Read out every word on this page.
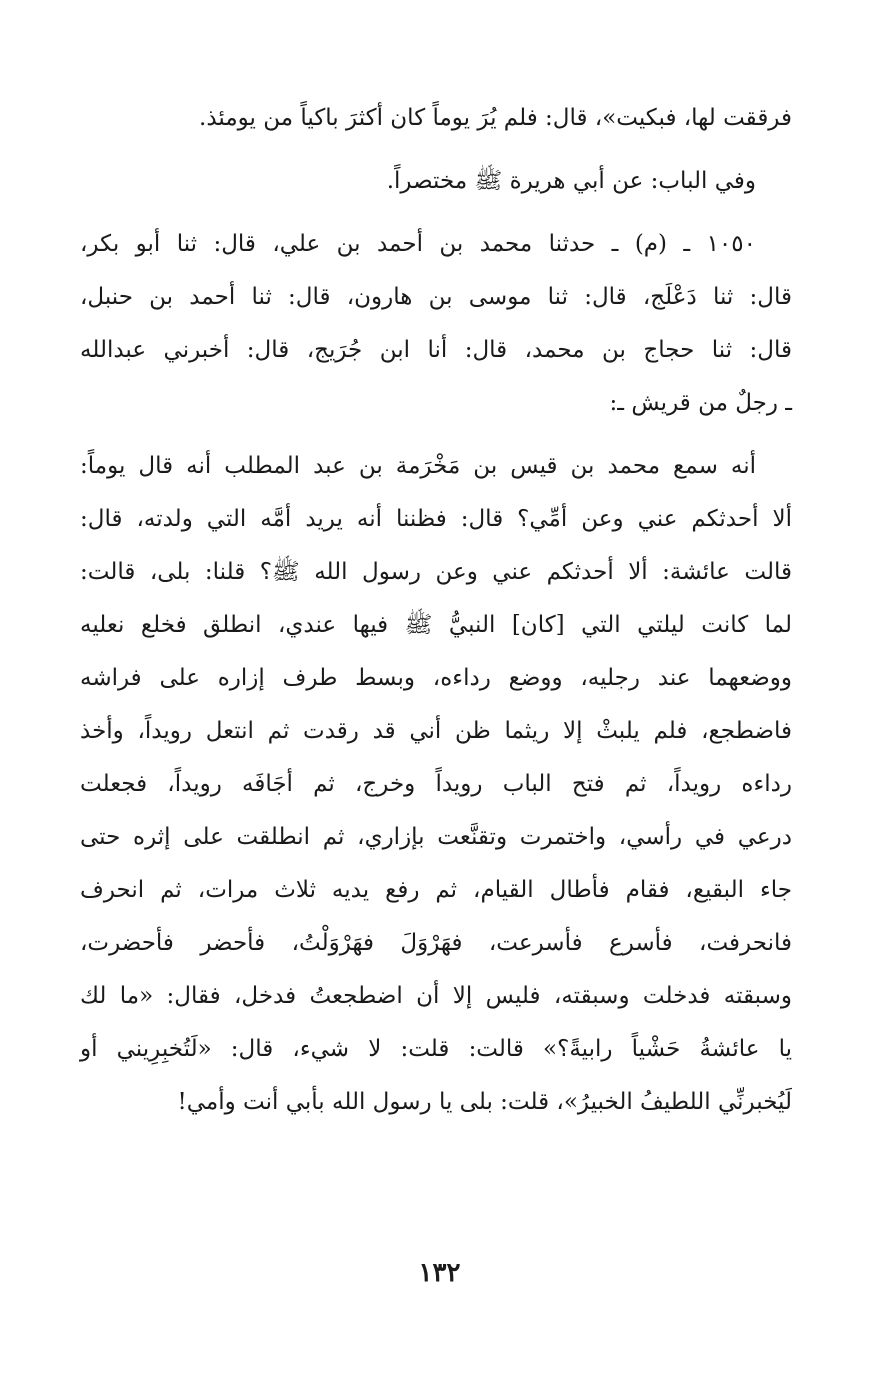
فرققت لها، فبكيت»، قال: فلم يُرَ يوماً كان أكثرَ باكياً من يومئذ.
وفي الباب: عن أبي هريرة ﷺ مختصراً.
١٠٥٠ ـ (م) ـ حدثنا محمد بن أحمد بن علي، قال: ثنا أبو بكر،
قال: ثنا دَعْلَج، قال: ثنا موسى بن هارون، قال: ثنا أحمد بن حنبل،
قال: ثنا حجاج بن محمد، قال: أنا ابن جُرَيج، قال: أخبرني عبدالله
ـ رجلٌ من قريش ـ:
أنه سمع محمد بن قيس بن مَخْرَمة بن عبد المطلب أنه قال يوماً:
ألا أحدثكم عني وعن أمِّي؟ قال: فظننا أنه يريد أمَّه التي ولدته، قال:
قالت عائشة: ألا أحدثكم عني وعن رسول الله ﷺ؟ قلنا: بلى، قالت:
لما كانت ليلتي التي [كان] النبيُّ ﷺ فيها عندي، انطلق فخلع نعليه
ووضعهما عند رجليه، ووضع رداءه، وبسط طرف إزاره على فراشه
فاضطجع، فلم يلبثْ إلا ريثما ظن أني قد رقدت ثم انتعل رويداً، وأخذ
رداءه رويداً، ثم فتح الباب رويداً وخرج، ثم أجَافَه رويداً، فجعلت
درعي في رأسي، واختمرت وتقنَّعت بإزاري، ثم انطلقت على إثره حتى
جاء البقيع، فقام فأطال القيام، ثم رفع يديه ثلاث مرات، ثم انحرف
فانحرفت، فأسرع فأسرعت، فهَرْوَلَ فهَرْوَلْتُ، فأحضر فأحضرت،
وسبقته فدخلت وسبقته، فليس إلا أن اضطجعتُ فدخل، فقال: «ما لك
يا عائشةُ حَشْياً رابيةً؟» قالت: قلت: لا شيء، قال: «لَتُخبِرِيني أو
لَيُخبرنِّي اللطيفُ الخبيرُ»، قلت: بلى يا رسول الله بأبي أنت وأمي!
١٣٢
